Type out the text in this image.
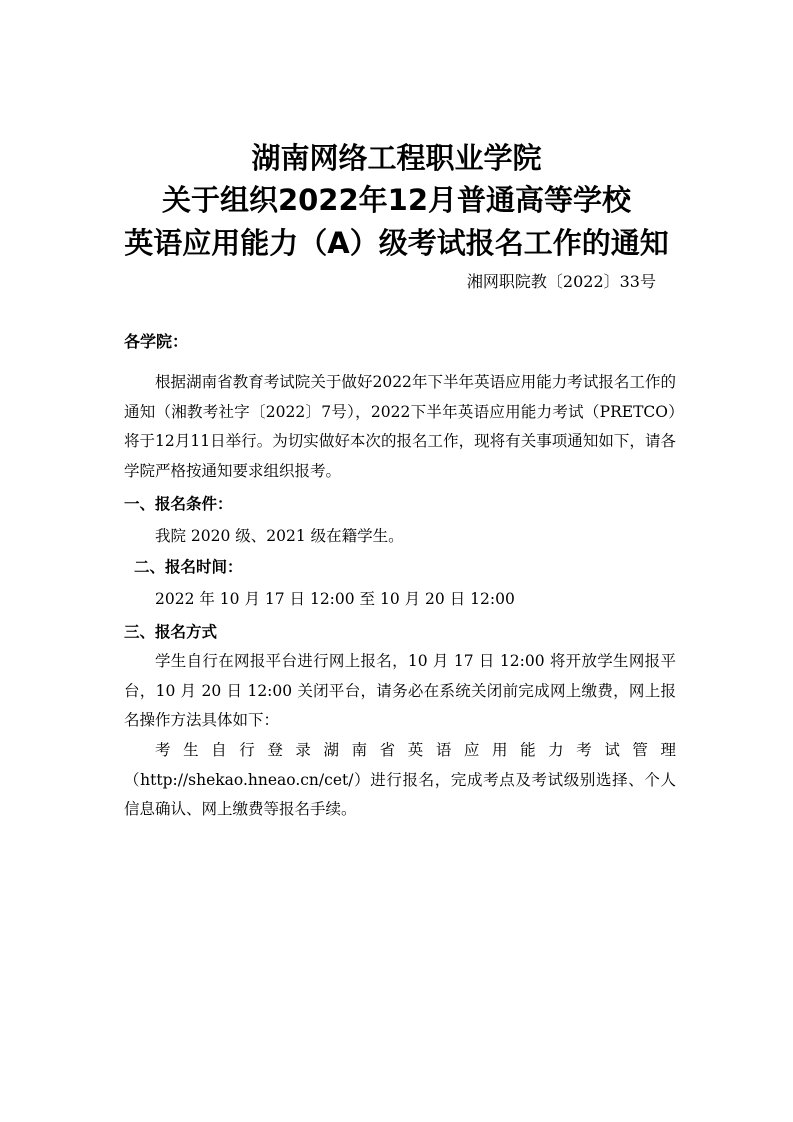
湖南网络工程职业学院
关于组织2022年12月普通高等学校
英语应用能力（A）级考试报名工作的通知
湘网职院教〔2022〕33号
各学院：

根据湖南省教育考试院关于做好2022年下半年英语应用能力考试报名工作的通知（湘教考社字〔2022〕7号），2022下半年英语应用能力考试（PRETCO）将于12月11日举行。为切实做好本次的报名工作，现将有关事项通知如下，请各学院严格按通知要求组织报考。

一、报名条件：
我院 2020 级、2021 级在籍学生。
二、报名时间：
2022 年 10 月 17 日 12:00 至 10 月 20 日 12:00
三、报名方式

学生自行在网报平台进行网上报名，10 月 17 日 12:00 将开放学生网报平台，10 月 20 日 12:00 关闭平台，请务必在系统关闭前完成网上缴费，网上报名操作方法具体如下：

考生自行登录湖南省英语应用能力考试管理（http://shekao.hneao.cn/cet/）进行报名，完成考点及考试级别选择、个人信息确认、网上缴费等报名手续。
